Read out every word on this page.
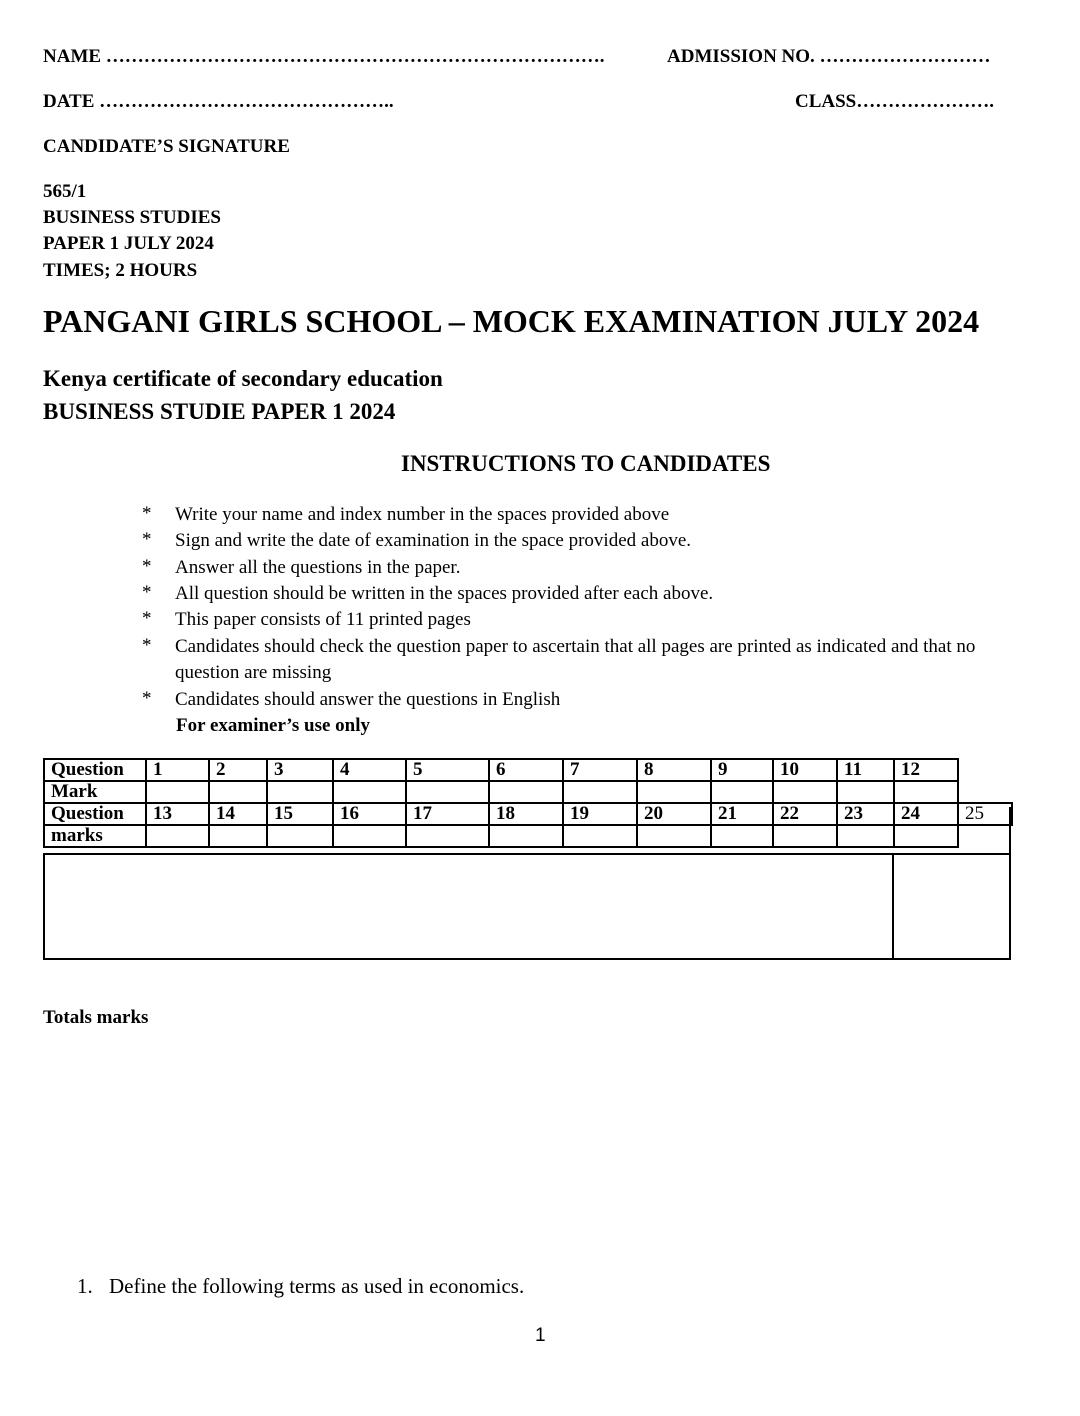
NAME …………………………………………………………………….	ADMISSION NO. ………………………
DATE ………………………………………..	CLASS………………….
CANDIDATE’S SIGNATURE
565/1
BUSINESS STUDIES
PAPER 1 JULY 2024
TIMES; 2 HOURS
PANGANI GIRLS SCHOOL – MOCK EXAMINATION JULY 2024
Kenya certificate of secondary education
BUSINESS STUDIE PAPER 1 2024
INSTRUCTIONS TO CANDIDATES
* Write your name and index number in the spaces provided above
* Sign and write the date of examination in the space provided above.
* Answer all the questions in the paper.
* All question should be written in the spaces provided after each above.
* This paper consists of 11 printed pages
* Candidates should check the question paper to ascertain that all pages are printed as indicated and that no
question are missing
* Candidates should answer the questions in English
For examiner’s use only
Question	1	2	3	4	5	6	7	8	9	10	11	12	
Mark													
Question	13	14	15	16	17	18	19	20	21	22	23	24	25
marks													
Totals marks
1. Define the following terms as used in economics.
1
